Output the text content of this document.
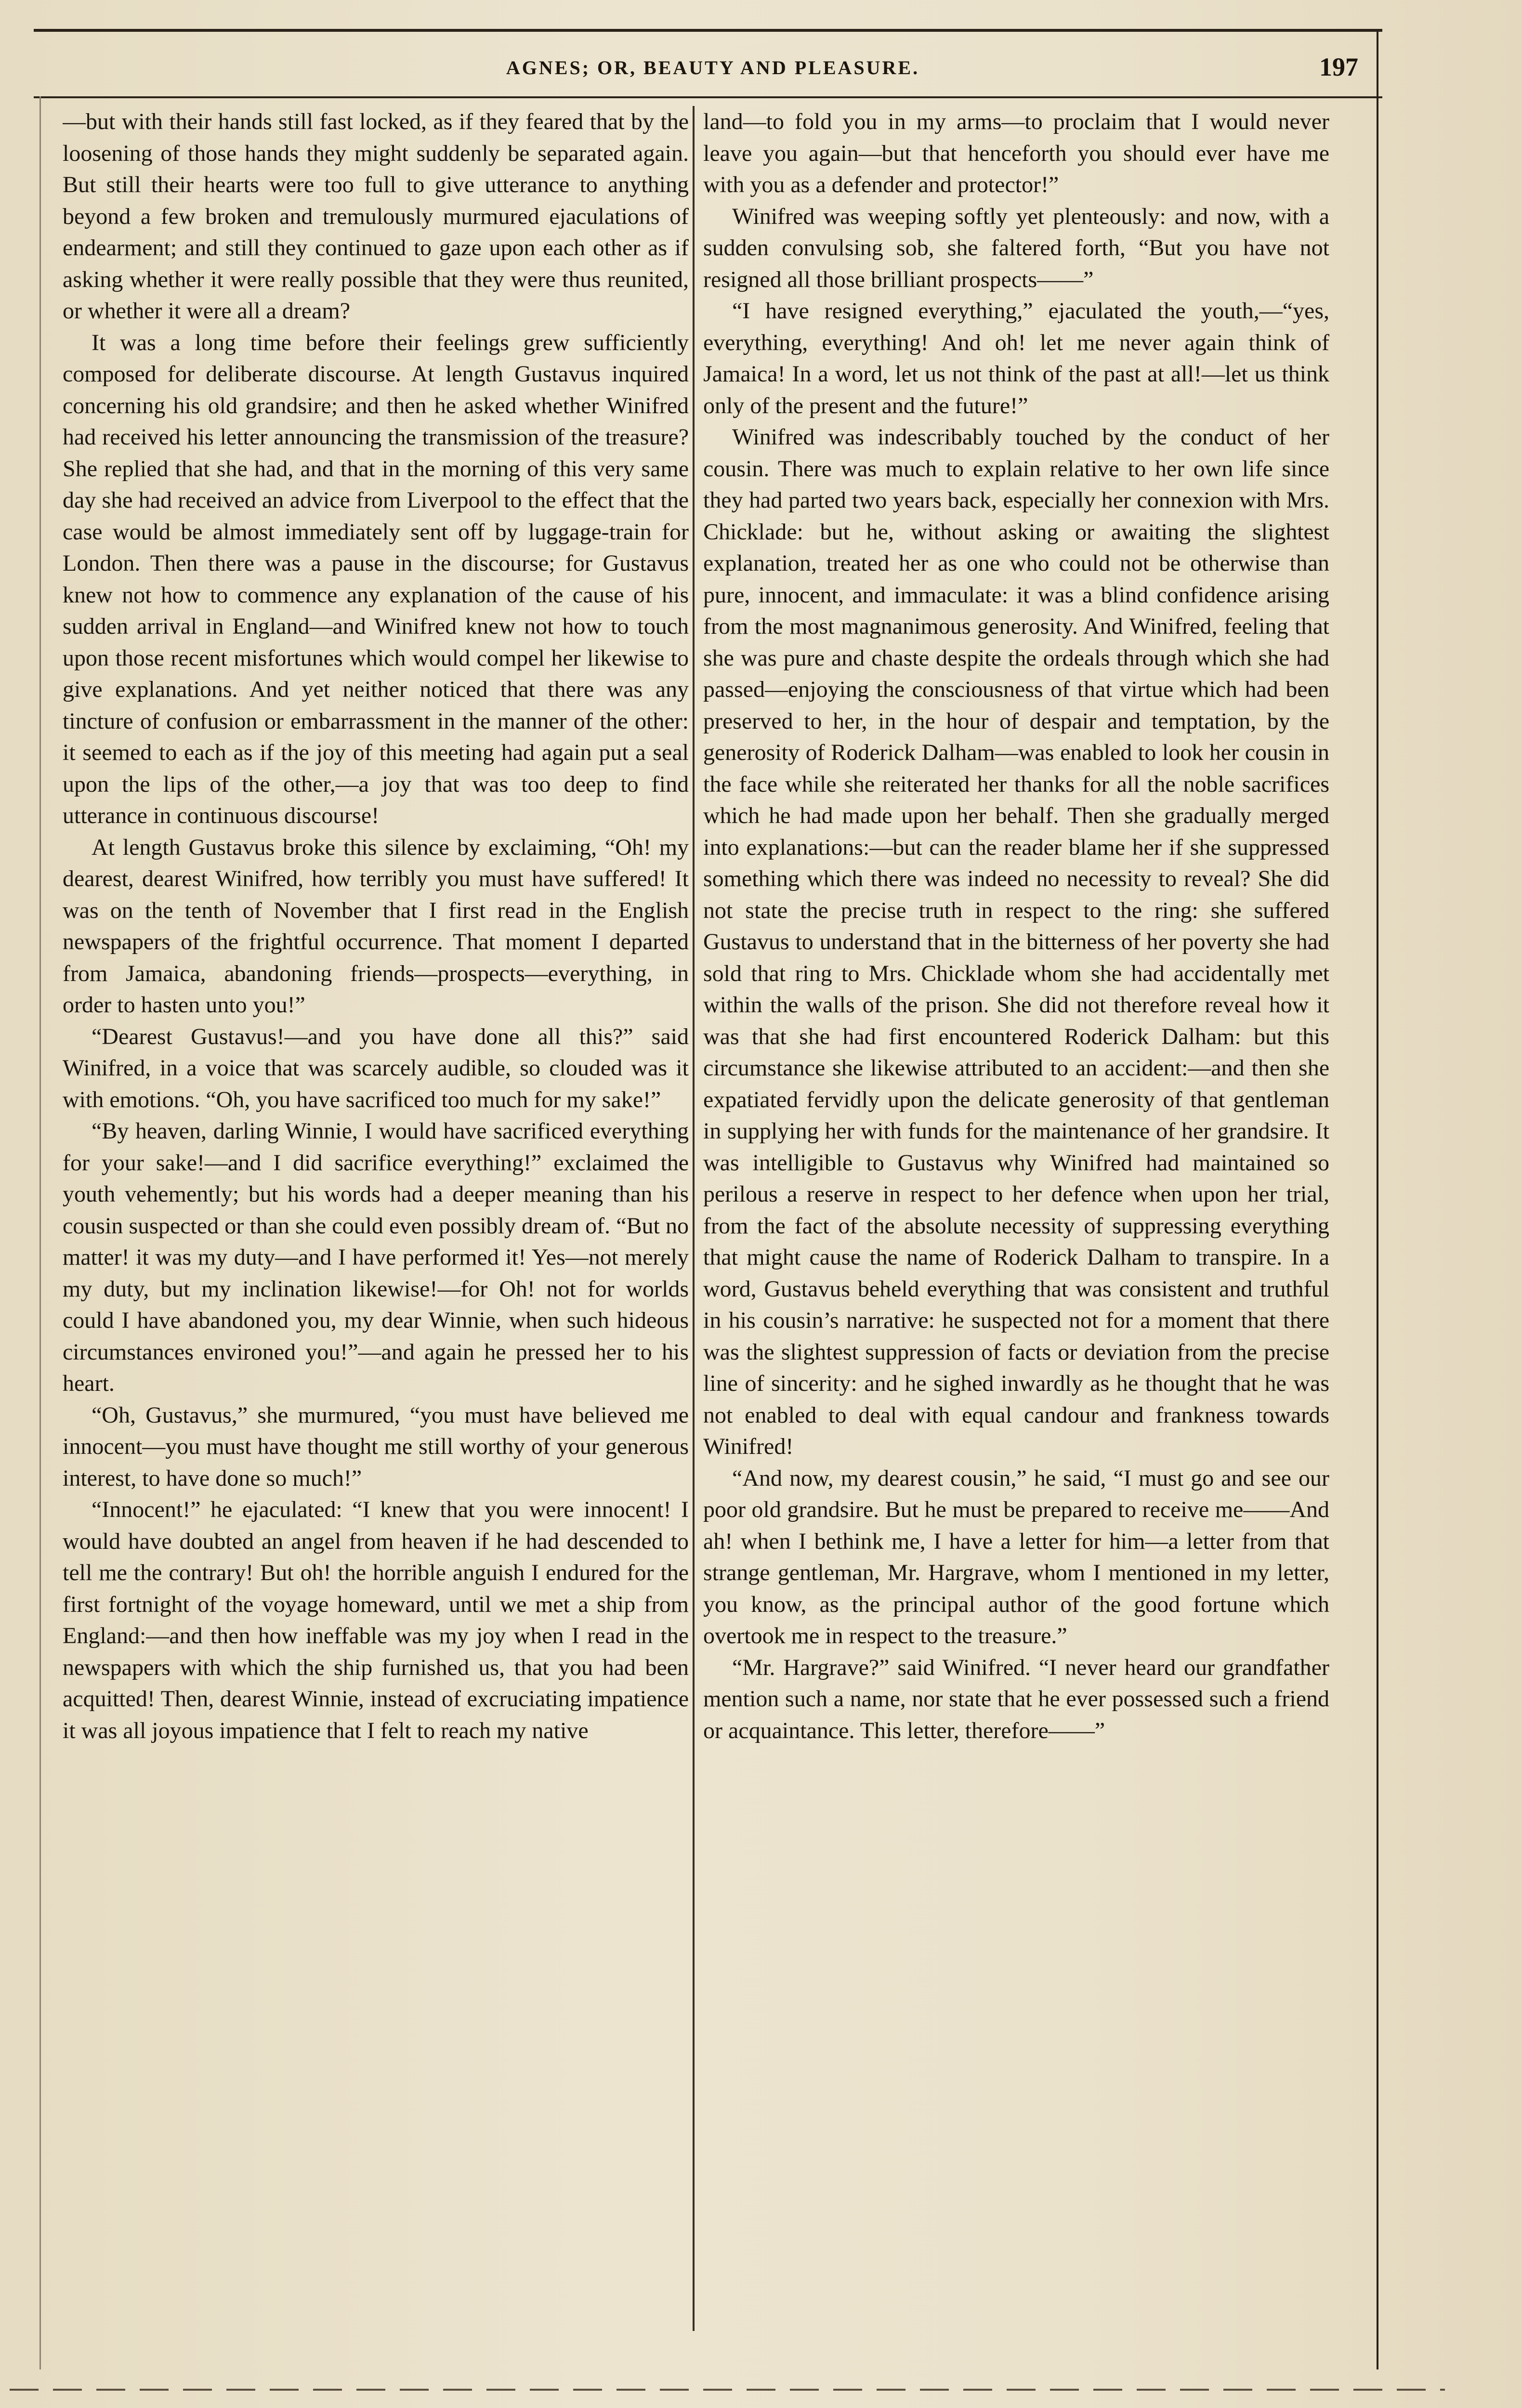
AGNES; OR, BEAUTY AND PLEASURE.	197

—but with their hands still fast locked, as if they feared that by the loosening of those hands they might suddenly be separated again. But still their hearts were too full to give utterance to anything beyond a few broken and tremulously murmured ejaculations of endearment; and still they continued to gaze upon each other as if asking whether it were really possible that they were thus reunited, or whether it were all a dream?

It was a long time before their feelings grew sufficiently composed for deliberate discourse. At length Gustavus inquired concerning his old grandsire; and then he asked whether Winifred had received his letter announcing the transmission of the treasure? She replied that she had, and that in the morning of this very same day she had received an advice from Liverpool to the effect that the case would be almost immediately sent off by luggage-train for London. Then there was a pause in the discourse; for Gustavus knew not how to commence any explanation of the cause of his sudden arrival in England—and Winifred knew not how to touch upon those recent misfortunes which would compel her likewise to give explanations. And yet neither noticed that there was any tincture of confusion or embarrassment in the manner of the other: it seemed to each as if the joy of this meeting had again put a seal upon the lips of the other,—a joy that was too deep to find utterance in continuous discourse!

At length Gustavus broke this silence by exclaiming, “Oh! my dearest, dearest Winifred, how terribly you must have suffered! It was on the tenth of November that I first read in the English newspapers of the frightful occurrence. That moment I departed from Jamaica, abandoning friends—prospects—everything, in order to hasten unto you!”

“Dearest Gustavus!—and you have done all this?” said Winifred, in a voice that was scarcely audible, so clouded was it with emotions. “Oh, you have sacrificed too much for my sake!”

“By heaven, darling Winnie, I would have sacrificed everything for your sake!—and I did sacrifice everything!” exclaimed the youth vehemently; but his words had a deeper meaning than his cousin suspected or than she could even possibly dream of. “But no matter! it was my duty—and I have performed it! Yes—not merely my duty, but my inclination likewise!—for Oh! not for worlds could I have abandoned you, my dear Winnie, when such hideous circumstances environed you!”—and again he pressed her to his heart.

“Oh, Gustavus,” she murmured, “you must have believed me innocent—you must have thought me still worthy of your generous interest, to have done so much!”

“Innocent!” he ejaculated: “I knew that you were innocent! I would have doubted an angel from heaven if he had descended to tell me the contrary! But oh! the horrible anguish I endured for the first fortnight of the voyage homeward, until we met a ship from England:—and then how ineffable was my joy when I read in the newspapers with which the ship furnished us, that you had been acquitted! Then, dearest Winnie, instead of excruciating impatience it was all joyous impatience that I felt to reach my native

land—to fold you in my arms—to proclaim that I would never leave you again—but that henceforth you should ever have me with you as a defender and protector!”

Winifred was weeping softly yet plenteously: and now, with a sudden convulsing sob, she faltered forth, “But you have not resigned all those brilliant prospects——”

“I have resigned everything,” ejaculated the youth,—“yes, everything, everything! And oh! let me never again think of Jamaica! In a word, let us not think of the past at all!—let us think only of the present and the future!”

Winifred was indescribably touched by the conduct of her cousin. There was much to explain relative to her own life since they had parted two years back, especially her connexion with Mrs. Chicklade: but he, without asking or awaiting the slightest explanation, treated her as one who could not be otherwise than pure, innocent, and immaculate: it was a blind confidence arising from the most magnanimous generosity. And Winifred, feeling that she was pure and chaste despite the ordeals through which she had passed—enjoying the consciousness of that virtue which had been preserved to her, in the hour of despair and temptation, by the generosity of Roderick Dalham—was enabled to look her cousin in the face while she reiterated her thanks for all the noble sacrifices which he had made upon her behalf. Then she gradually merged into explanations:—but can the reader blame her if she suppressed something which there was indeed no necessity to reveal? She did not state the precise truth in respect to the ring: she suffered Gustavus to understand that in the bitterness of her poverty she had sold that ring to Mrs. Chicklade whom she had accidentally met within the walls of the prison. She did not therefore reveal how it was that she had first encountered Roderick Dalham: but this circumstance she likewise attributed to an accident:—and then she expatiated fervidly upon the delicate generosity of that gentleman in supplying her with funds for the maintenance of her grandsire. It was intelligible to Gustavus why Winifred had maintained so perilous a reserve in respect to her defence when upon her trial, from the fact of the absolute necessity of suppressing everything that might cause the name of Roderick Dalham to transpire. In a word, Gustavus beheld everything that was consistent and truthful in his cousin’s narrative: he suspected not for a moment that there was the slightest suppression of facts or deviation from the precise line of sincerity: and he sighed inwardly as he thought that he was not enabled to deal with equal candour and frankness towards Winifred!

“And now, my dearest cousin,” he said, “I must go and see our poor old grandsire. But he must be prepared to receive me——And ah! when I bethink me, I have a letter for him—a letter from that strange gentleman, Mr. Hargrave, whom I mentioned in my letter, you know, as the principal author of the good fortune which overtook me in respect to the treasure.”

“Mr. Hargrave?” said Winifred. “I never heard our grandfather mention such a name, nor state that he ever possessed such a friend or acquaintance. This letter, therefore——”
